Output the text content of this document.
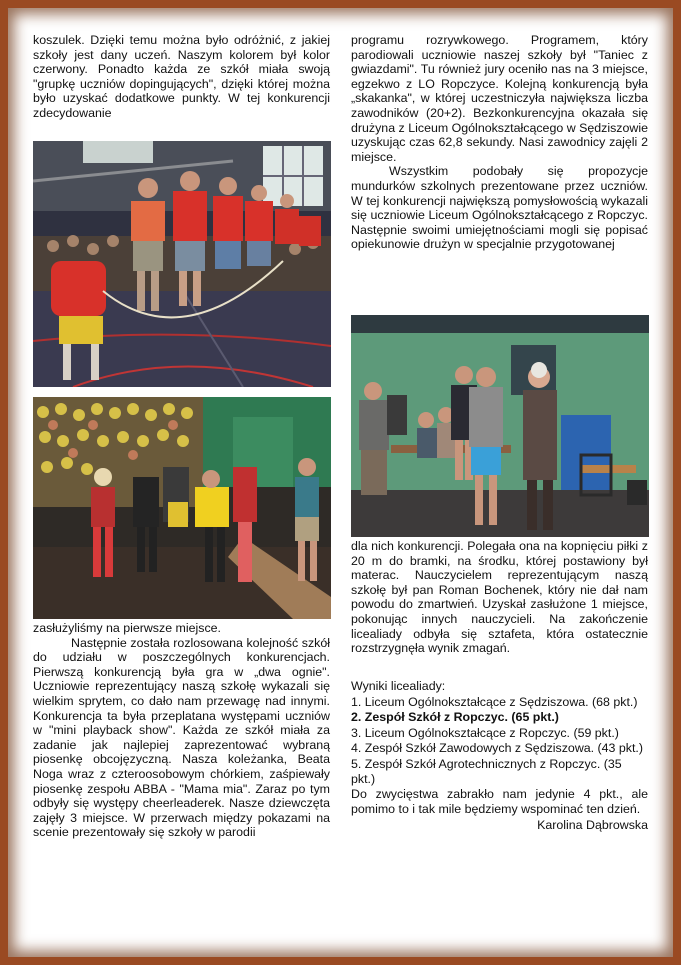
koszulek. Dzięki temu można było odróżnić, z jakiej szkoły jest dany uczeń. Naszym kolorem był kolor czerwony. Ponadto każda ze szkół miała swoją "grupkę uczniów dopingujących", dzięki której można było uzyskać dodatkowe punkty. W tej konkurencji zdecydowanie

zasłużyliśmy na pierwsze miejsce.

Następnie została rozlosowana kolejność szkół do udziału w poszczególnych konkurencjach. Pierwszą konkurencją była gra w „dwa ognie". Uczniowie reprezentujący naszą szkołę wykazali się wielkim sprytem, co dało nam przewagę nad innymi. Konkurencja ta była przeplatana występami uczniów w "mini playback show". Każda ze szkół miała za zadanie jak najlepiej zaprezentować wybraną piosenkę obcojęzyczną. Nasza koleżanka, Beata Noga wraz z czteroosobowym chórkiem, zaśpiewały piosenkę zespołu ABBA - "Mama mia". Zaraz po tym odbyły się występy cheerleaderek. Nasze dziewczęta zajęły 3 miejsce. W przerwach między pokazami na scenie prezentowały się szkoły w parodii

programu rozrywkowego. Programem, który parodiowali uczniowie naszej szkoły był "Taniec z gwiazdami". Tu również jury oceniło nas na 3 miejsce, egzekwo z LO Ropczyce. Kolejną konkurencją była „skakanka", w której uczestniczyła największa liczba zawodników (20+2). Bezkonkurencyjna okazała się drużyna z Liceum Ogólnokształcącego w Sędziszowie uzyskując czas 62,8 sekundy. Nasi zawodnicy zajęli 2 miejsce.

Wszystkim podobały się propozycje mundurków szkolnych prezentowane przez uczniów. W tej konkurencji największą pomysłowością wykazali się uczniowie Liceum Ogólnokształcącego z Ropczyc. Następnie swoimi umiejętnościami mogli się popisać opiekunowie drużyn w specjalnie przygotowanej

dla nich konkurencji. Polegała ona na kopnięciu piłki z 20 m do bramki, na środku, której postawiony był materac. Nauczycielem reprezentującym naszą szkołę był pan Roman Bochenek, który nie dał nam powodu do zmartwień. Uzyskał zasłużone 1 miejsce, pokonując innych nauczycieli. Na zakończenie licealiady odbyła się sztafeta, która ostatecznie rozstrzygnęła wynik zmagań.

Wyniki licealiady:
1. Liceum Ogólnokształcące z Sędziszowa. (68 pkt.)
2. Zespół Szkół z Ropczyc. (65 pkt.)
3. Liceum Ogólnokształcące z Ropczyc. (59 pkt.)
4. Zespół Szkół Zawodowych z Sędziszowa. (43 pkt.)
5. Zespół Szkół Agrotechnicznych z Ropczyc. (35 pkt.)
Do zwycięstwa zabrakło nam jedynie 4 pkt., ale pomimo to i tak mile będziemy wspominać ten dzień.
Karolina Dąbrowska
